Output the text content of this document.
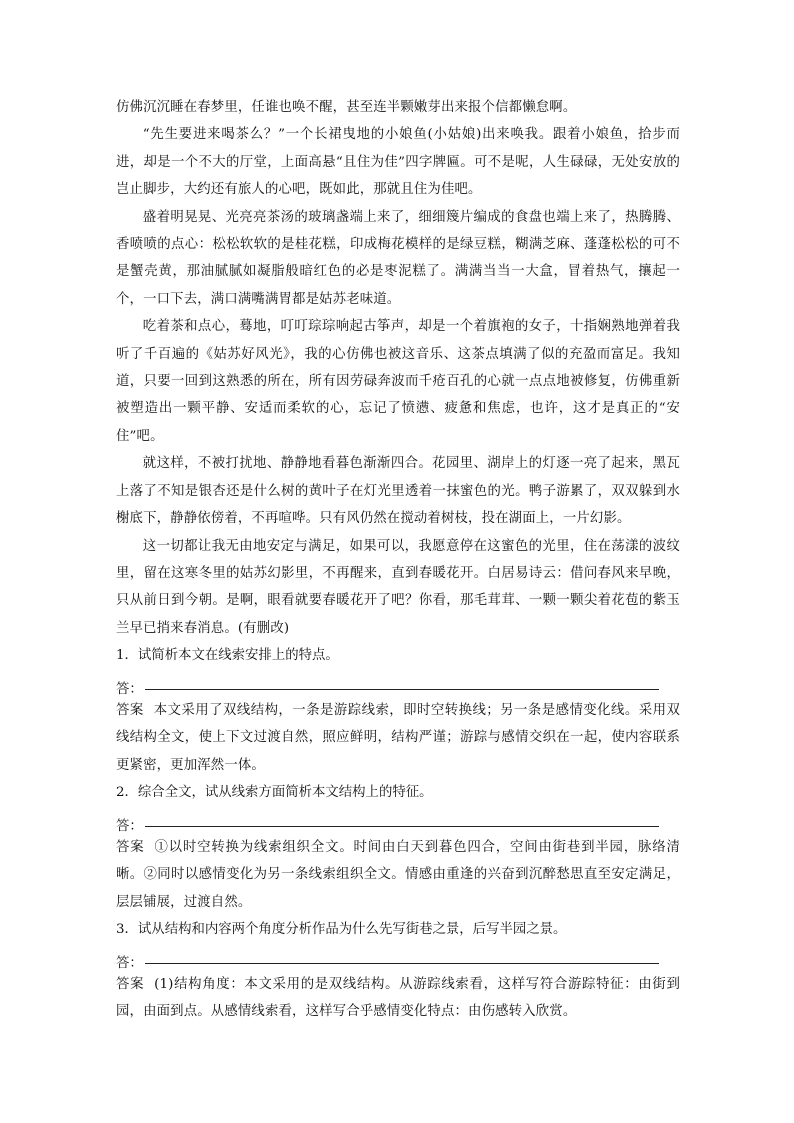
仿佛沉沉睡在春梦里，任谁也唤不醒，甚至连半颗嫩芽出来报个信都懒怠啊。

“先生要进来喝茶么？”一个长裙曳地的小娘鱼(小姑娘)出来唤我。跟着小娘鱼，拾步而进，却是一个不大的厅堂，上面高悬“且住为佳”四字牌匾。可不是呢，人生碌碌，无处安放的岂止脚步，大约还有旅人的心吧，既如此，那就且住为佳吧。

盛着明晃晃、光亮亮茶汤的玻璃盏端上来了，细细篾片编成的食盘也端上来了，热腾腾、香喷喷的点心：松松软软的是桂花糕，印成梅花模样的是绿豆糕，糊满芝麻、蓬蓬松松的可不是蟹壳黄，那油腻腻如凝脂般暗红色的必是枣泥糕了。满满当当一大盒，冒着热气，攘起一个，一口下去，满口满嘴满胃都是姑苏老味道。

吃着茶和点心，蓦地，叮叮琮琮响起古筝声，却是一个着旗袍的女子，十指娴熟地弹着我听了千百遍的《姑苏好风光》，我的心仿佛也被这音乐、这茶点填满了似的充盈而富足。我知道，只要一回到这熟悉的所在，所有因劳碌奔波而千疮百孔的心就一点点地被修复，仿佛重新被塑造出一颗平静、安适而柔软的心，忘记了愤懑、疲惫和焦虑，也许，这才是真正的“安住”吧。

就这样，不被打扰地、静静地看暮色渐渐四合。花园里、湖岸上的灯逐一亮了起来，黑瓦上落了不知是银杏还是什么树的黄叶子在灯光里透着一抹蜜色的光。鸭子游累了，双双躲到水榭底下，静静依傍着，不再喧哗。只有风仍然在搅动着树枝，投在湖面上，一片幻影。

这一切都让我无由地安定与满足，如果可以，我愿意停在这蜜色的光里，住在荡漾的波纹里，留在这寒冬里的姑苏幻影里，不再醒来，直到春暖花开。白居易诗云：借问春风来早晚，只从前日到今朝。是啊，眼看就要春暖花开了吧？你看，那毛茸茸、一颗一颗尖着花苞的紫玉兰早已捎来春消息。(有删改)

1．试简析本文在线索安排上的特点。

答：

答案 本文采用了双线结构，一条是游踪线索，即时空转换线；另一条是感情变化线。采用双线结构全文，使上下文过渡自然，照应鲜明，结构严谨；游踪与感情交织在一起，使内容联系更紧密，更加浑然一体。

2．综合全文，试从线索方面简析本文结构上的特征。

答：

答案 ①以时空转换为线索组织全文。时间由白天到暮色四合，空间由街巷到半园，脉络清晰。②同时以感情变化为另一条线索组织全文。情感由重逢的兴奋到沉醉愁思直至安定满足，层层铺展，过渡自然。

3．试从结构和内容两个角度分析作品为什么先写街巷之景，后写半园之景。

答：

答案 (1)结构角度：本文采用的是双线结构。从游踪线索看，这样写符合游踪特征：由街到园，由面到点。从感情线索看，这样写合乎感情变化特点：由伤感转入欣赏。
